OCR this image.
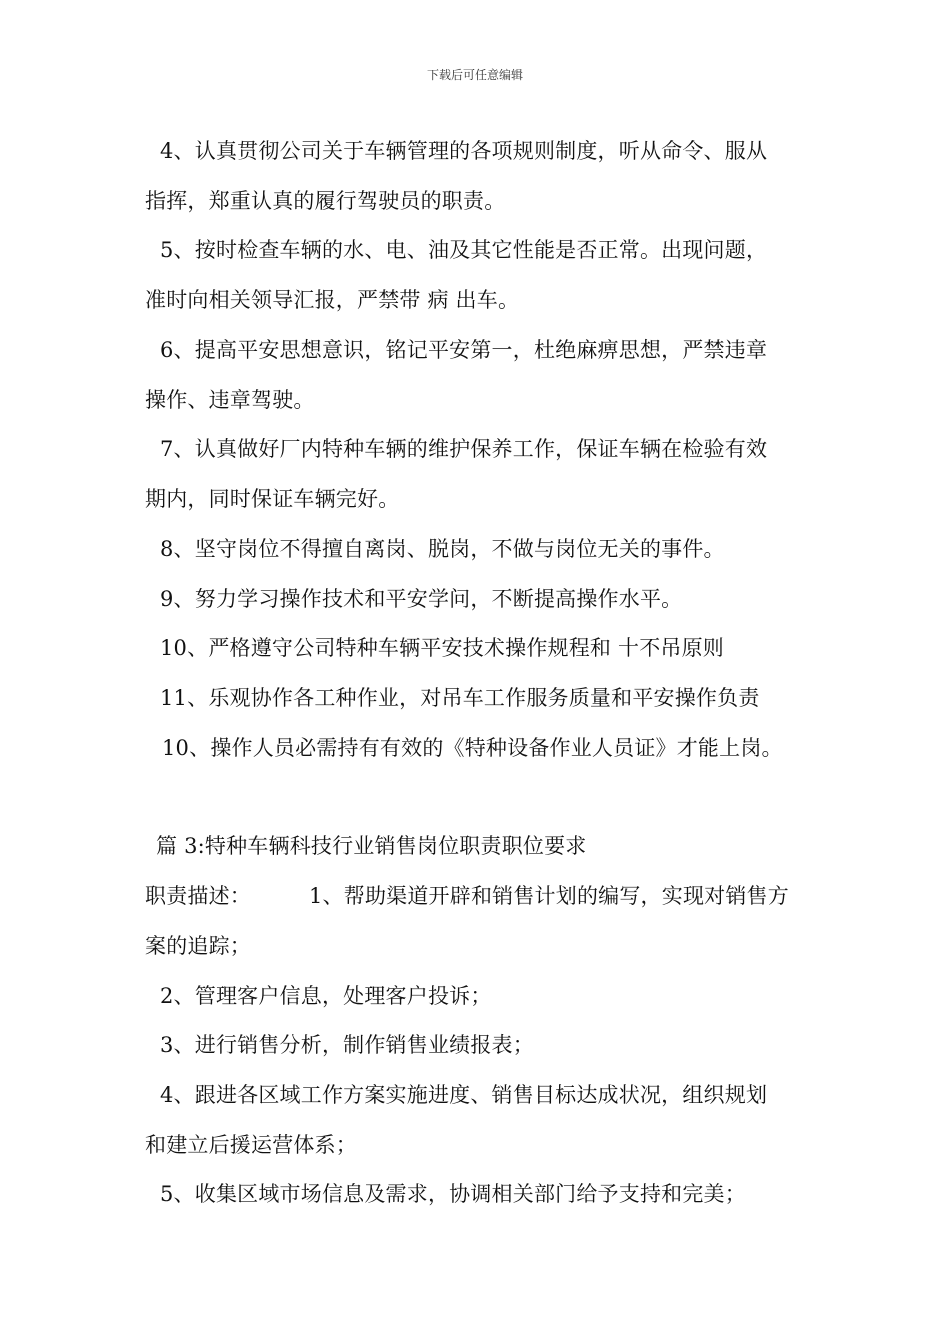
下载后可任意编辑
4、认真贯彻公司关于车辆管理的各项规则制度，听从命令、服从
指挥，郑重认真的履行驾驶员的职责。
5、按时检查车辆的水、电、油及其它性能是否正常。出现问题，
准时向相关领导汇报，严禁带 病 出车。
6、提高平安思想意识，铭记平安第一，杜绝麻痹思想，严禁违章
操作、违章驾驶。
7、认真做好厂内特种车辆的维护保养工作，保证车辆在检验有效
期内，同时保证车辆完好。
8、坚守岗位不得擅自离岗、脱岗，不做与岗位无关的事件。
9、努力学习操作技术和平安学问，不断提高操作水平。
10、严格遵守公司特种车辆平安技术操作规程和 十不吊原则
11、乐观协作各工种作业，对吊车工作服务质量和平安操作负责
10、操作人员必需持有有效的《特种设备作业人员证》才能上岗。
篇 3:特种车辆科技行业销售岗位职责职位要求
职责描述：	1、帮助渠道开辟和销售计划的编写，实现对销售方
案的追踪；
2、管理客户信息，处理客户投诉；
3、进行销售分析，制作销售业绩报表；
4、跟进各区域工作方案实施进度、销售目标达成状况，组织规划
和建立后援运营体系；
5、收集区域市场信息及需求，协调相关部门给予支持和完美；
